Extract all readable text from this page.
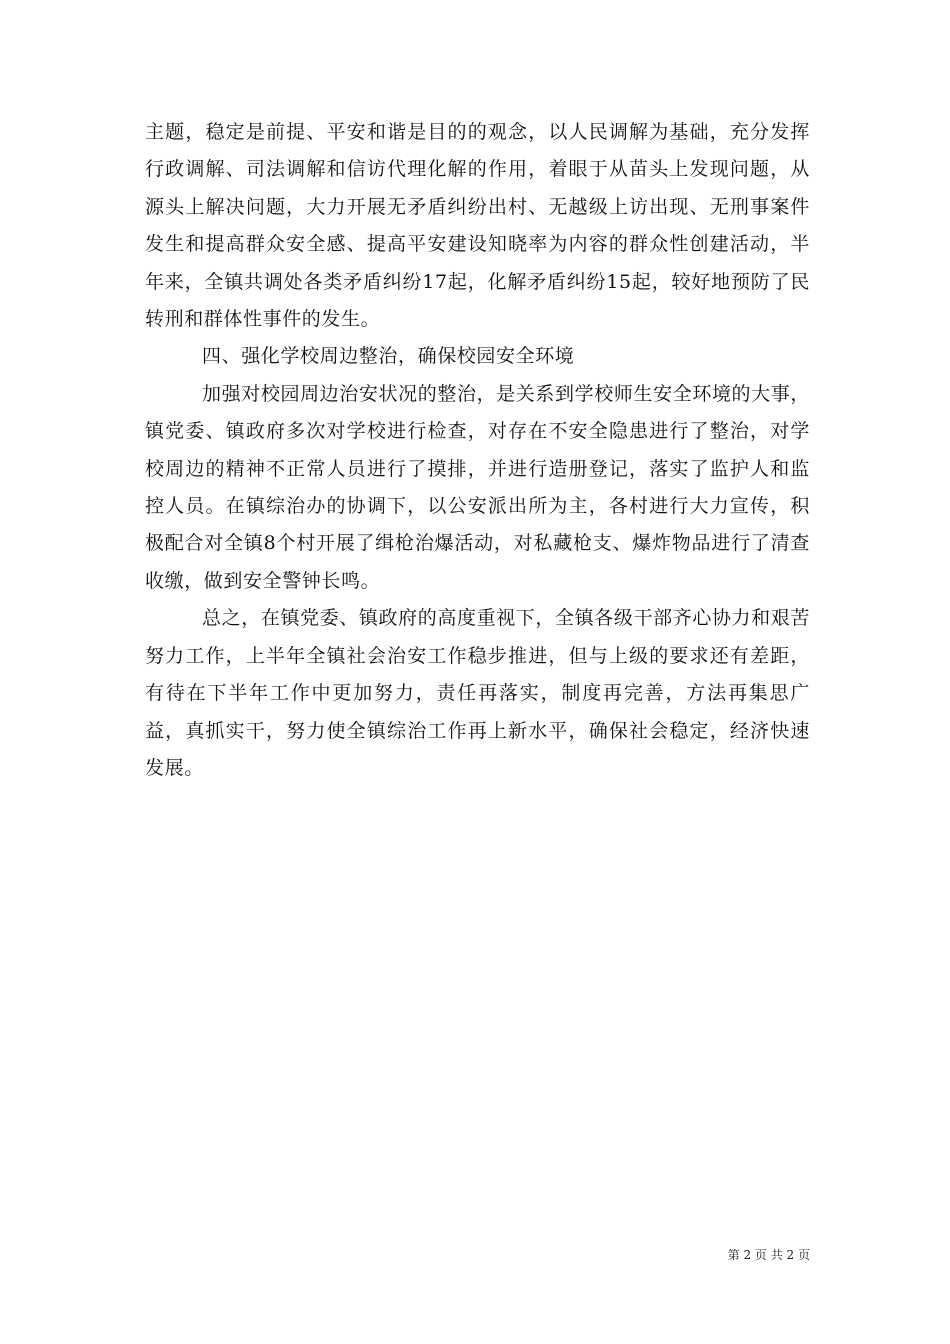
主题，稳定是前提、平安和谐是目的的观念，以人民调解为基础，充分发挥行政调解、司法调解和信访代理化解的作用，着眼于从苗头上发现问题，从源头上解决问题，大力开展无矛盾纠纷出村、无越级上访出现、无刑事案件发生和提高群众安全感、提高平安建设知晓率为内容的群众性创建活动，半年来，全镇共调处各类矛盾纠纷17起，化解矛盾纠纷15起，较好地预防了民转刑和群体性事件的发生。

四、强化学校周边整治，确保校园安全环境

加强对校园周边治安状况的整治，是关系到学校师生安全环境的大事，镇党委、镇政府多次对学校进行检查，对存在不安全隐患进行了整治，对学校周边的精神不正常人员进行了摸排，并进行造册登记，落实了监护人和监控人员。在镇综治办的协调下，以公安派出所为主，各村进行大力宣传，积极配合对全镇8个村开展了缉枪治爆活动，对私藏枪支、爆炸物品进行了清查收缴，做到安全警钟长鸣。

总之，在镇党委、镇政府的高度重视下，全镇各级干部齐心协力和艰苦努力工作，上半年全镇社会治安工作稳步推进，但与上级的要求还有差距，有待在下半年工作中更加努力，责任再落实，制度再完善，方法再集思广益，真抓实干，努力使全镇综治工作再上新水平，确保社会稳定，经济快速发展。

第 2 页 共 2 页
